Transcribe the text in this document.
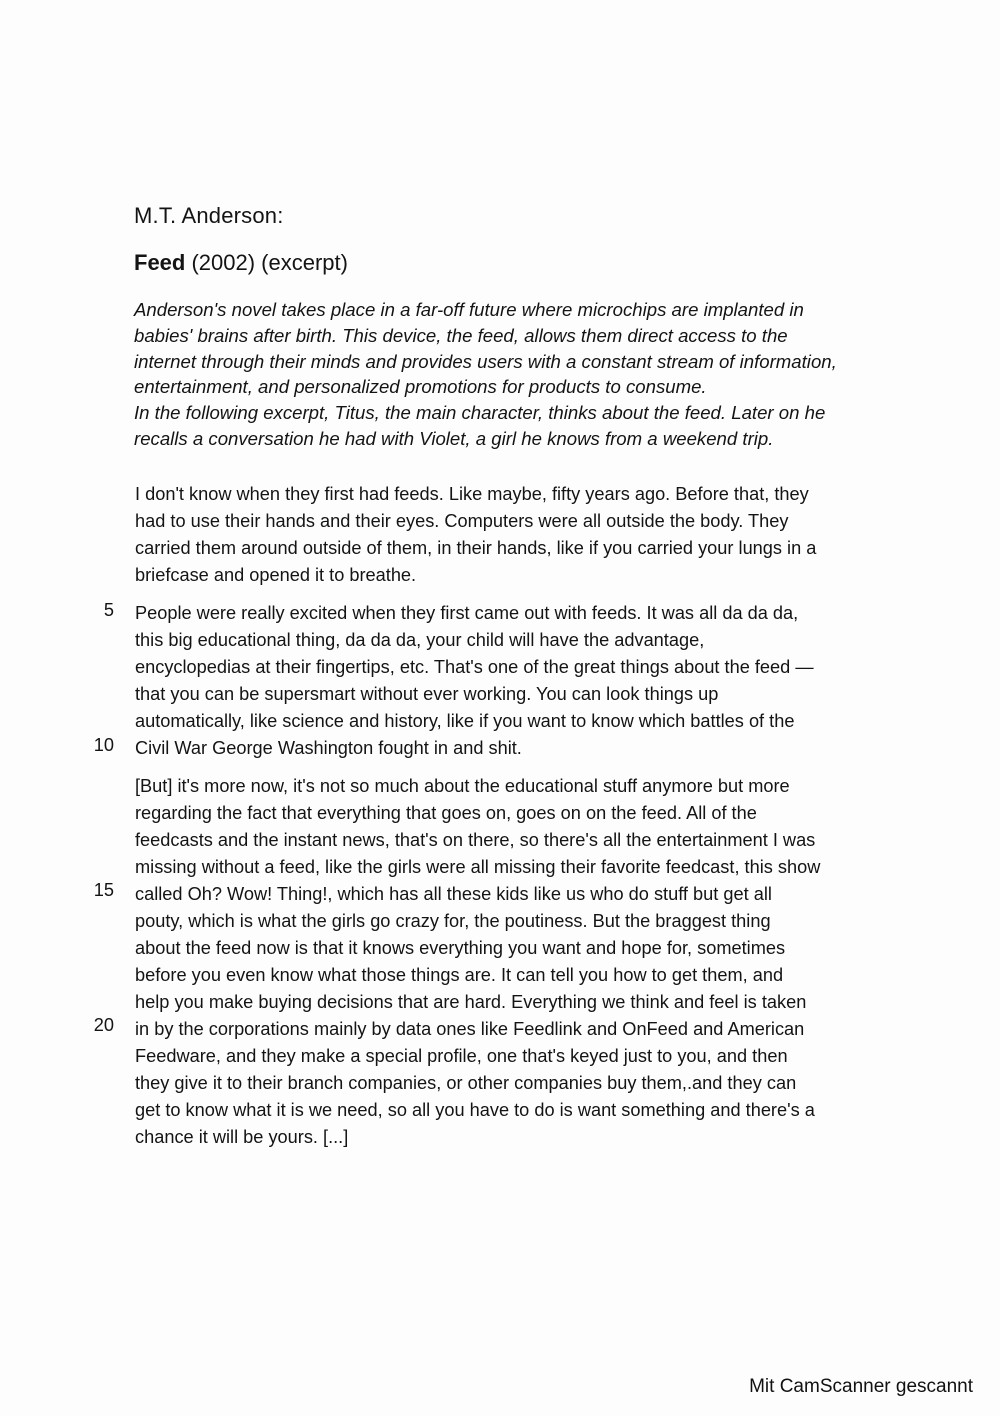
M.T. Anderson:
Feed (2002) (excerpt)
Anderson's novel takes place in a far-off future where microchips are implanted in
babies' brains after birth. This device, the feed, allows them direct access to the
internet through their minds and provides users with a constant stream of information,
entertainment, and personalized promotions for products to consume.
In the following excerpt, Titus, the main character, thinks about the feed. Later on he
recalls a conversation he had with Violet, a girl he knows from a weekend trip.
I don't know when they first had feeds. Like maybe, fifty years ago. Before that, they
had to use their hands and their eyes. Computers were all outside the body. They
carried them around outside of them, in their hands, like if you carried your lungs in a
briefcase and opened it to breathe.
People were really excited when they first came out with feeds. It was all da da da,
this big educational thing, da da da, your child will have the advantage,
encyclopedias at their fingertips, etc. That's one of the great things about the feed —
that you can be supersmart without ever working. You can look things up
automatically, like science and history, like if you want to know which battles of the
Civil War George Washington fought in and shit.
[But] it's more now, it's not so much about the educational stuff anymore but more
regarding the fact that everything that goes on, goes on on the feed. All of the
feedcasts and the instant news, that's on there, so there's all the entertainment I was
missing without a feed, like the girls were all missing their favorite feedcast, this show
called Oh? Wow! Thing!, which has all these kids like us who do stuff but get all
pouty, which is what the girls go crazy for, the poutiness. But the braggest thing
about the feed now is that it knows everything you want and hope for, sometimes
before you even know what those things are. It can tell you how to get them, and
help you make buying decisions that are hard. Everything we think and feel is taken
in by the corporations mainly by data ones like Feedlink and OnFeed and American
Feedware, and they make a special profile, one that's keyed just to you, and then
they give it to their branch companies, or other companies buy them,.and they can
get to know what it is we need, so all you have to do is want something and there's a
chance it will be yours. [...]
5
10
15
20
Mit CamScanner gescannt
